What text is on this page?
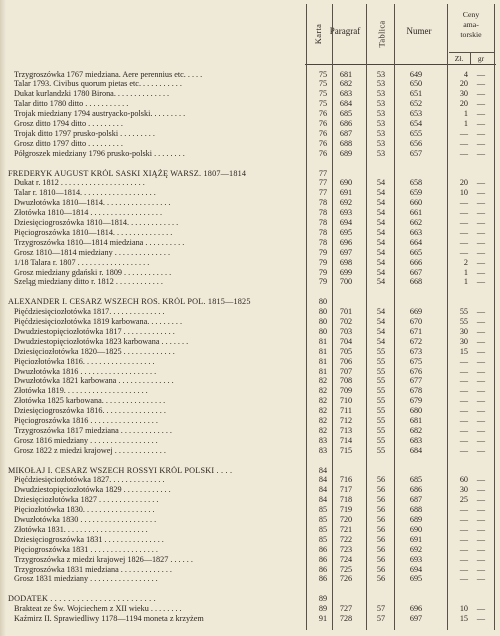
Karta Paragraf Tablica	Numer
Ceny
ama-
torskie
Zł.	gr
Trzygroszówka 1767 miedziana. Aere perennius etc. . . . .	75	681	53	649	4	—
Talar 1793. Civibus quorum pietas etc. . . . . . . . . . .	75	682	53	650	20	—
Dukat kurlandzki 1780 Birona. . . . . . . . . . . . . .	75	683	53	651	30	—
Talar ditto 1780 ditto . . . . . . . . . . .	75	684	53	652	20	—
Trojak miedziany 1794 austryacko-polski. . . . . . . . .	76	685	53	653	1	—
Grosz ditto 1794 ditto . . . . . . . . .	76	686	53	654	1	—
Trojak ditto 1797 prusko-polski . . . . . . . . .	76	687	53	655	—	—
Grosz ditto 1797 ditto . . . . . . . . .	76	688	53	656	—	—
Półgroszek miedziany 1796 prusko-polski . . . . . . . .	76	689	53	657	—	—
FREDERYK AUGUST KRÓL SASKI XIĄŻĘ WARSZ. 1807—1814	77
Dukat r. 1812 . . . . . . . . . . . . . . . . . . . . .	77	690	54	658	20	—
Talar r. 1810—1814. . . . . . . . . . . . . . . . . . .	77	691	54	659	10	—
Dwuzłotówka 1810—1814. . . . . . . . . . . . . . . . .	78	692	54	660	—	—
Złotówka 1810—1814 . . . . . . . . . . . . . . . . . .	78	693	54	661	—	—
Dziesięciogroszówka 1810—1814. . . . . . . . . . . . .	78	694	54	662	—	—
Pięciogroszówka 1810—1814. . . . . . . . . . . . . . .	78	695	54	663	—	—
Trzygroszówka 1810—1814 miedziana . . . . . . . . . .	78	696	54	664	—	—
Grosz 1810—1814 miedziany . . . . . . . . . . . . . .	79	697	54	665	—	—
1/18 Talara r. 1807 . . . . . . . . . . . . . . . . . .	79	698	54	666	2	—
Grosz miedziany gdański r. 1809 . . . . . . . . . . . .	79	699	54	667	1	—
Szeląg miedziany ditto r. 1812 . . . . . . . . . . . .	79	700	54	668	1	—
ALEXANDER I. CESARZ WSZECH ROS. KRÓL POL. 1815—1825	80
Pięćdziesięciozłotówka 1817. . . . . . . . . . . . . .	80	701	54	669	55	—
Pięćdziesięciozłotówka 1819 karbowana. . . . . . . . .	80	702	54	670	55	—
Dwudziestopięciozłotówka 1817 . . . . . . . . . . . . .	80	703	54	671	30	—
Dwudziestopięciozłotówka 1823 karbowana . . . . . . .	81	704	54	672	30	—
Dziesięciozłotówka 1820—1825 . . . . . . . . . . . . .	81	705	55	673	15	—
Pięciozłotówka 1816. . . . . . . . . . . . . . . . . .	81	706	55	675	—	—
Dwuzłotówka 1816 . . . . . . . . . . . . . . . . . . .	81	707	55	676	—	—
Dwuzłotówka 1821 karbowana . . . . . . . . . . . . . .	82	708	55	677	—	—
Złotówka 1819. . . . . . . . . . . . . . . . . . . . .	82	709	55	678	—	—
Złotówka 1825 karbowana. . . . . . . . . . . . . . . .	82	710	55	679	—	—
Dziesięciogroszówka 1816. . . . . . . . . . . . . . . .	82	711	55	680	—	—
Pięciogroszówka 1816 . . . . . . . . . . . . . . . . .	82	712	55	681	—	—
Trzygroszówka 1817 miedziana . . . . . . . . . . . . .	82	713	55	682	—	—
Grosz 1816 miedziany . . . . . . . . . . . . . . . . .	83	714	55	683	—	—
Grosz 1822 z miedzi krajowej . . . . . . . . . . . . .	83	715	55	684	—	—
MIKOŁAJ I. CESARZ WSZECH ROSSYI KRÓL POLSKI . . . .	84
Pięćdziesięciozłotówka 1827. . . . . . . . . . . . . .	84	716	56	685	60	—
Dwudziestopięciozłotówka 1829 . . . . . . . . . . . .	84	717	56	686	30	—
Dziesięciozłotówka 1827 . . . . . . . . . . . . . . .	84	718	56	687	25	—
Pięciozłotówka 1830. . . . . . . . . . . . . . . . . .	85	719	56	688	—	—
Dwuzłotówka 1830 . . . . . . . . . . . . . . . . . . .	85	720	56	689	—	—
Złotówka 1831. . . . . . . . . . . . . . . . . . . . .	85	721	56	690	—	—
Dziesięciogroszówka 1831 . . . . . . . . . . . . . . .	85	722	56	691	—	—
Pięciogroszówka 1831 . . . . . . . . . . . . . . . . .	86	723	56	692	—	—
Trzygroszówka z miedzi krajowej 1826—1827 . . . . . .	86	724	56	693	—	—
Trzygroszówka 1831 miedziana . . . . . . . . . . . . .	86	725	56	694	—	—
Grosz 1831 miedziany . . . . . . . . . . . . . . . . .	86	726	56	695	—	—
DODATEK . . . . . . . . . . . . . . . . . . . . . . . .	89
Brakteat ze Św. Wojciechem z XII wieku . . . . . . . .	89	727	57	696	10	—
Kaźmirz II. Sprawiedliwy 1178—1194 moneta z krzyżem	91	728	57	697	15	—
